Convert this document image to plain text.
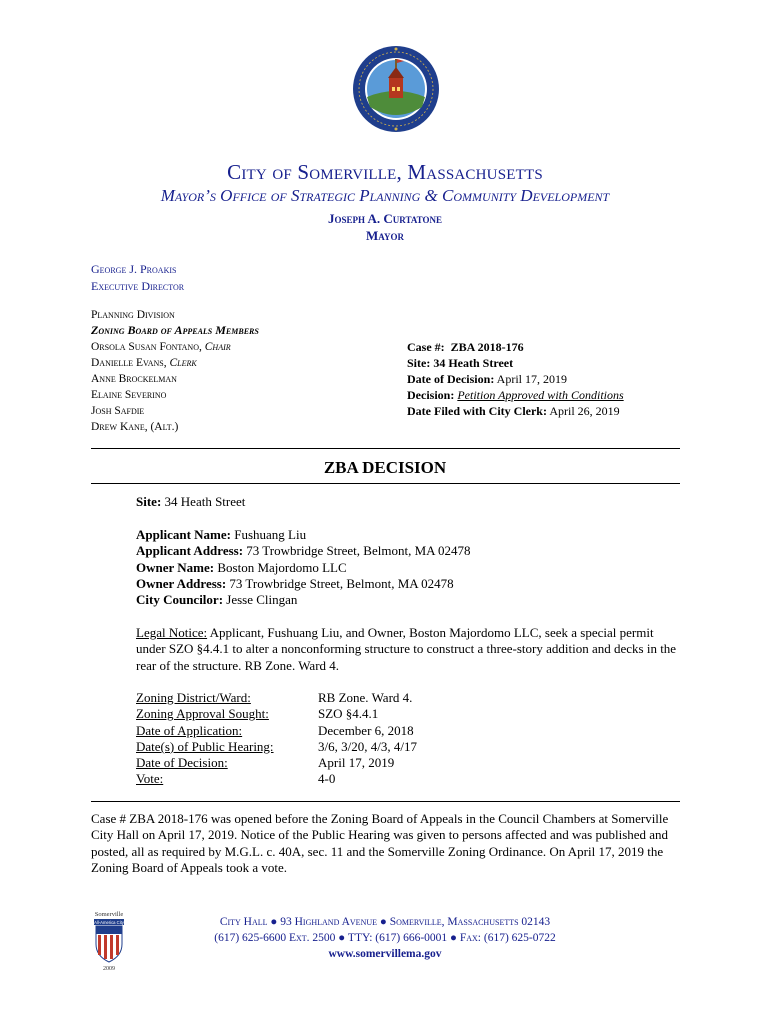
City of Somerville, Massachusetts
Mayor’s Office of Strategic Planning & Community Development
Joseph A. Curtatone
Mayor
George J. Proakis
Executive Director
Planning Division
Zoning Board of Appeals Members
Orsola Susan Fontano, Chair
Danielle Evans, Clerk
Anne Brockelman
Elaine Severino
Josh Safdie
Drew Kane, (Alt.)
Case #: ZBA 2018-176
Site: 34 Heath Street
Date of Decision: April 17, 2019
Decision: Petition Approved with Conditions
Date Filed with City Clerk: April 26, 2019
ZBA DECISION
Site: 34 Heath Street
Applicant Name: Fushuang Liu
Applicant Address: 73 Trowbridge Street, Belmont, MA 02478
Owner Name: Boston Majordomo LLC
Owner Address: 73 Trowbridge Street, Belmont, MA 02478
City Councilor: Jesse Clingan
Legal Notice: Applicant, Fushuang Liu, and Owner, Boston Majordomo LLC, seek a special permit under SZO §4.4.1 to alter a nonconforming structure to construct a three-story addition and decks in the rear of the structure. RB Zone. Ward 4.
Zoning District/Ward:
Zoning Approval Sought:
Date of Application:
Date(s) of Public Hearing:
Date of Decision:
Vote:
RB Zone. Ward 4.
SZO §4.4.1
December 6, 2018
3/6, 3/20, 4/3, 4/17
April 17, 2019
4-0
Case # ZBA 2018-176 was opened before the Zoning Board of Appeals in the Council Chambers at Somerville City Hall on April 17, 2019. Notice of the Public Hearing was given to persons affected and was published and posted, all as required by M.G.L. c. 40A, sec. 11 and the Somerville Zoning Ordinance. On April 17, 2019 the Zoning Board of Appeals took a vote.
Somerville
All-America City
2009
City Hall ● 93 Highland Avenue ● Somerville, Massachusetts 02143
(617) 625-6600 Ext. 2500 ● TTY: (617) 666-0001 ● Fax: (617) 625-0722
www.somervillema.gov
